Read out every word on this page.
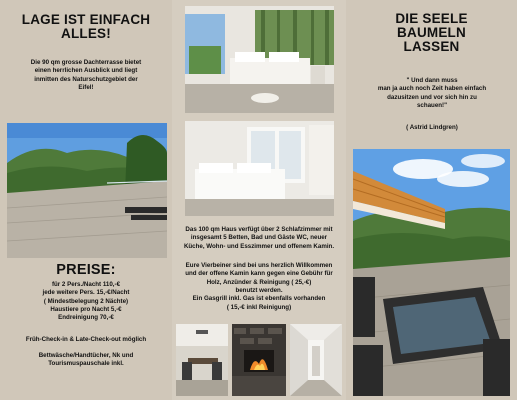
LAGE IST EINFACH
ALLES!
Die 90 qm grosse Dachterrasse bietet
einen herrlichen Ausblick und liegt
inmitten des Naturschutzgebiet der
Eifel!
PREISE:
für 2 Pers./Nacht 110,-€
jede weitere Pers. 15,-€/Nacht
( Mindestbelegung 2 Nächte)
Haustiere pro Nacht 5,-€
Endreinigung 70,-€
Früh-Check-in & Late-Check-out möglich
Bettwäsche/Handtücher, Nk und
Tourismuspauschale inkl.
Das 100 qm Haus verfügt über 2 Schlafzimmer mit
insgesamt 5 Betten, Bad und Gäste WC, neuer
Küche, Wohn- und Esszimmer und offenem Kamin.
Eure Vierbeiner sind bei uns herzlich Willkommen
und der offene Kamin kann gegen eine Gebühr für
Holz, Anzünder & Reinigung ( 25,-€)
benutzt werden.
Ein Gasgrill inkl. Gas ist ebenfalls vorhanden
( 15,-€ inkl Reinigung)
DIE SEELE
BAUMELN
LASSEN
" Und dann muss
man ja auch noch Zeit haben einfach
dazusitzen und vor sich hin zu
schauen!"
( Astrid Lindgren)
